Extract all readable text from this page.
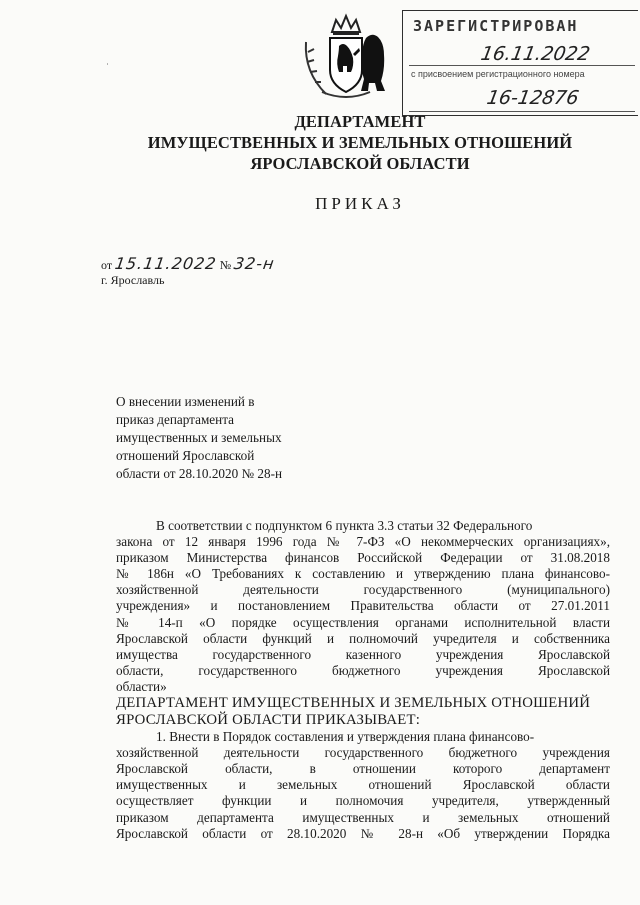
ЗАРЕГИСТРИРОВАН
16.11.2022
с присвоением регистрационного номера
16-12876
ʾ
ДЕПАРТАМЕНТ
ИМУЩЕСТВЕННЫХ И ЗЕМЕЛЬНЫХ ОТНОШЕНИЙ
ЯРОСЛАВСКОЙ ОБЛАСТИ
ПРИКАЗ
от 15.11.2022 № 32-н
г. Ярославль
О внесении изменений в
приказ департамента
имущественных и земельных
отношений Ярославской
области от 28.10.2020 № 28-н
В соответствии с подпунктом 6 пункта 3.3 статьи 32 Федерального
закона от 12 января 1996 года № 7-ФЗ «О некоммерческих организациях»,
приказом Министерства финансов Российской Федерации от 31.08.2018
№ 186н «О Требованиях к составлению и утверждению плана финансово-
хозяйственной деятельности государственного (муниципального)
учреждения» и постановлением Правительства области от 27.01.2011
№ 14-п «О порядке осуществления органами исполнительной власти
Ярославской области функций и полномочий учредителя и собственника
имущества государственного казенного учреждения Ярославской
области, государственного бюджетного учреждения Ярославской
области»
ДЕПАРТАМЕНТ ИМУЩЕСТВЕННЫХ И ЗЕМЕЛЬНЫХ ОТНОШЕНИЙ
ЯРОСЛАВСКОЙ ОБЛАСТИ ПРИКАЗЫВАЕТ:
1. Внести в Порядок составления и утверждения плана финансово-
хозяйственной деятельности государственного бюджетного учреждения
Ярославской области, в отношении которого департамент
имущественных и земельных отношений Ярославской области
осуществляет функции и полномочия учредителя, утвержденный
приказом департамента имущественных и земельных отношений
Ярославской области от 28.10.2020 № 28-н «Об утверждении Порядка
